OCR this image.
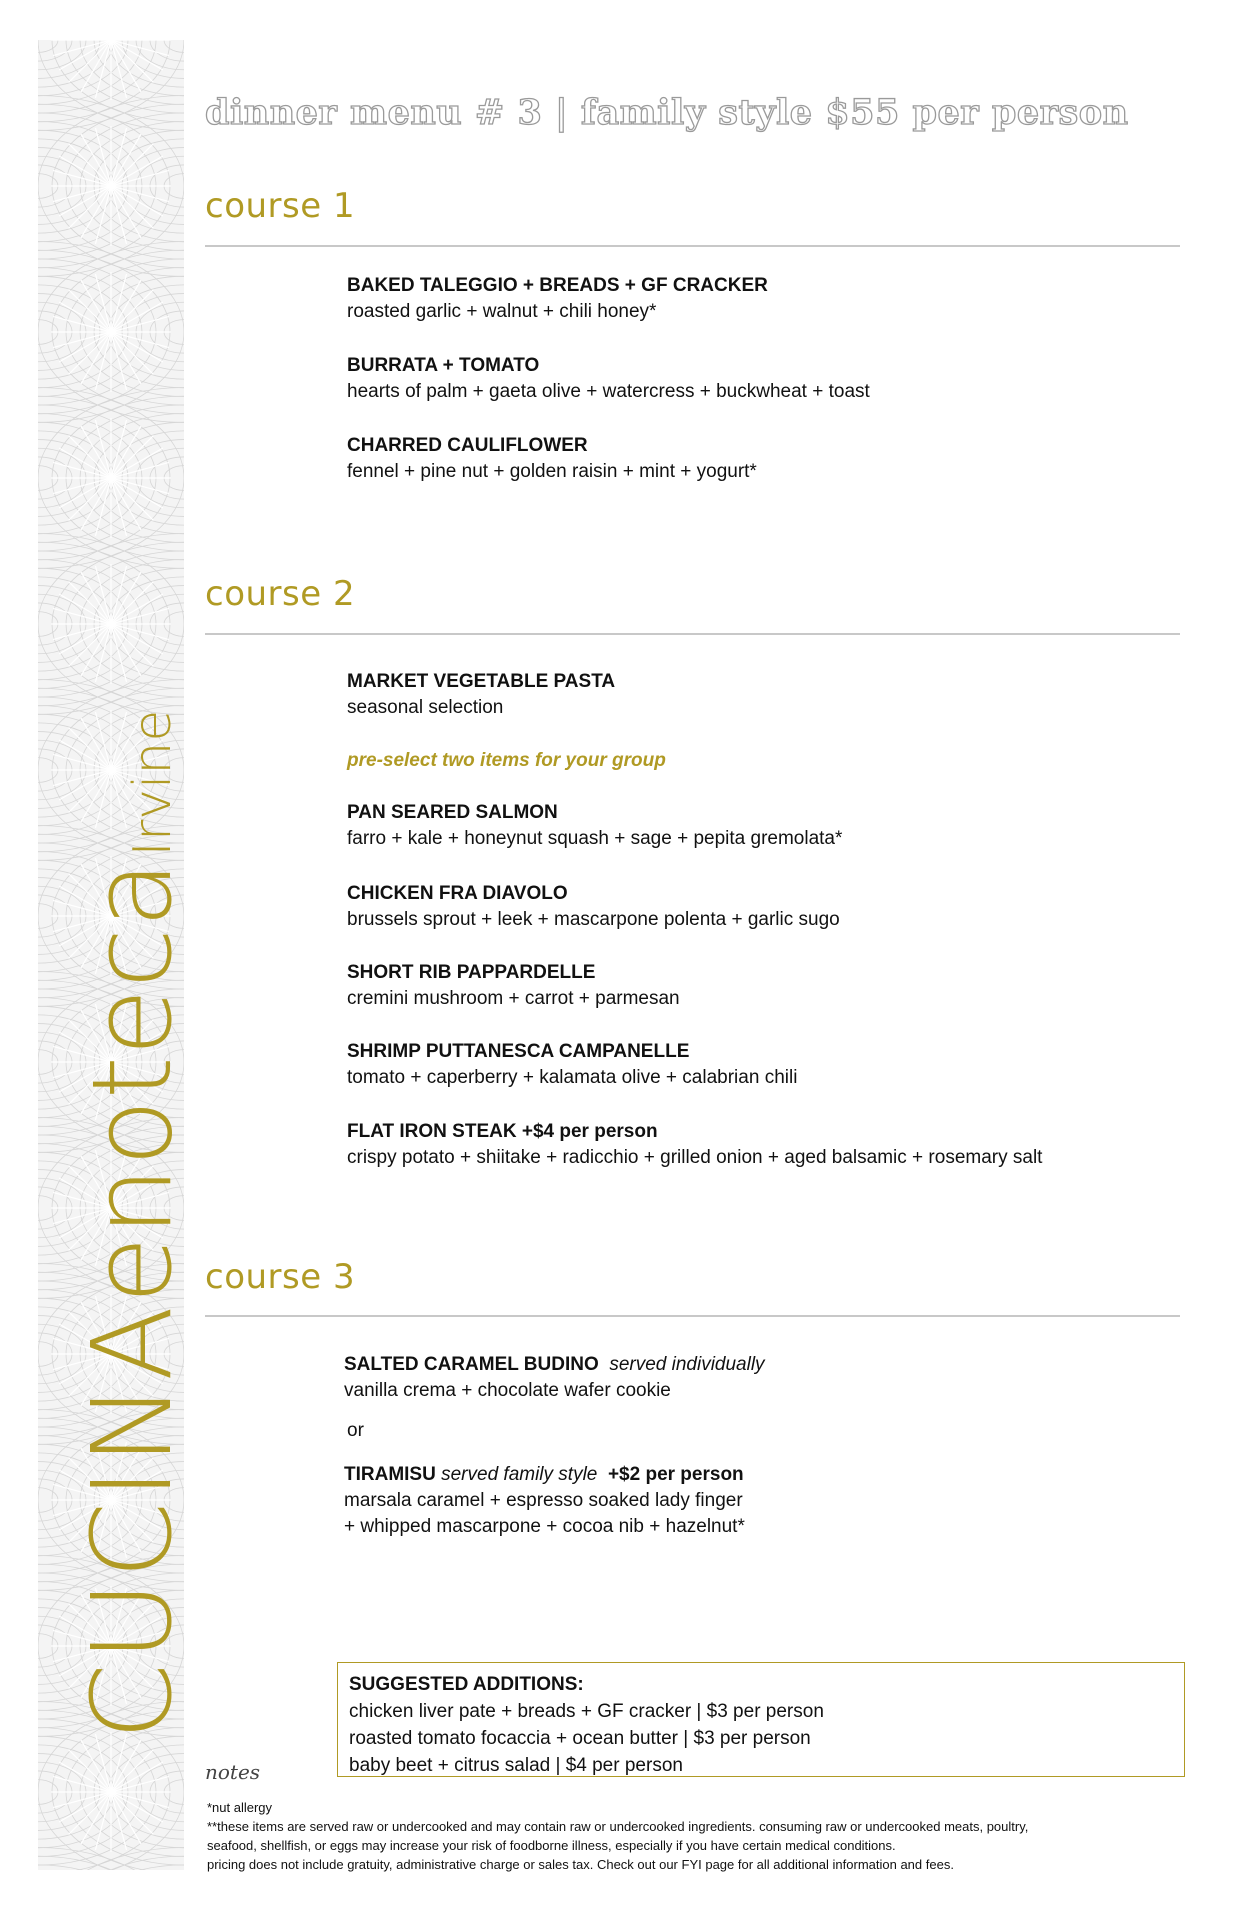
CUCINAenotecaIrvine
dinner menu # 3 | family style $55 per person
course 1
BAKED TALEGGIO + BREADS + GF CRACKER
roasted garlic + walnut + chili honey*
BURRATA + TOMATO
hearts of palm + gaeta olive + watercress + buckwheat + toast
CHARRED CAULIFLOWER
fennel + pine nut + golden raisin + mint + yogurt*
course 2
MARKET VEGETABLE PASTA
seasonal selection
pre-select two items for your group
PAN SEARED SALMON
farro + kale + honeynut squash + sage + pepita gremolata*
CHICKEN FRA DIAVOLO
brussels sprout + leek + mascarpone polenta + garlic sugo
SHORT RIB PAPPARDELLE
cremini mushroom + carrot + parmesan
SHRIMP PUTTANESCA CAMPANELLE
tomato + caperberry + kalamata olive + calabrian chili
FLAT IRON STEAK +$4 per person
crispy potato + shiitake + radicchio + grilled onion + aged balsamic + rosemary salt
course 3
SALTED CARAMEL BUDINO served individually
vanilla crema + chocolate wafer cookie
or
TIRAMISU served family style +$2 per person
marsala caramel + espresso soaked lady finger
+ whipped mascarpone + cocoa nib + hazelnut*
SUGGESTED ADDITIONS:
chicken liver pate + breads + GF cracker | $3 per person
roasted tomato focaccia + ocean butter | $3 per person
baby beet + citrus salad | $4 per person
notes
*nut allergy
**these items are served raw or undercooked and may contain raw or undercooked ingredients. consuming raw or undercooked meats, poultry,
seafood, shellfish, or eggs may increase your risk of foodborne illness, especially if you have certain medical conditions.
pricing does not include gratuity, administrative charge or sales tax. Check out our FYI page for all additional information and fees.
